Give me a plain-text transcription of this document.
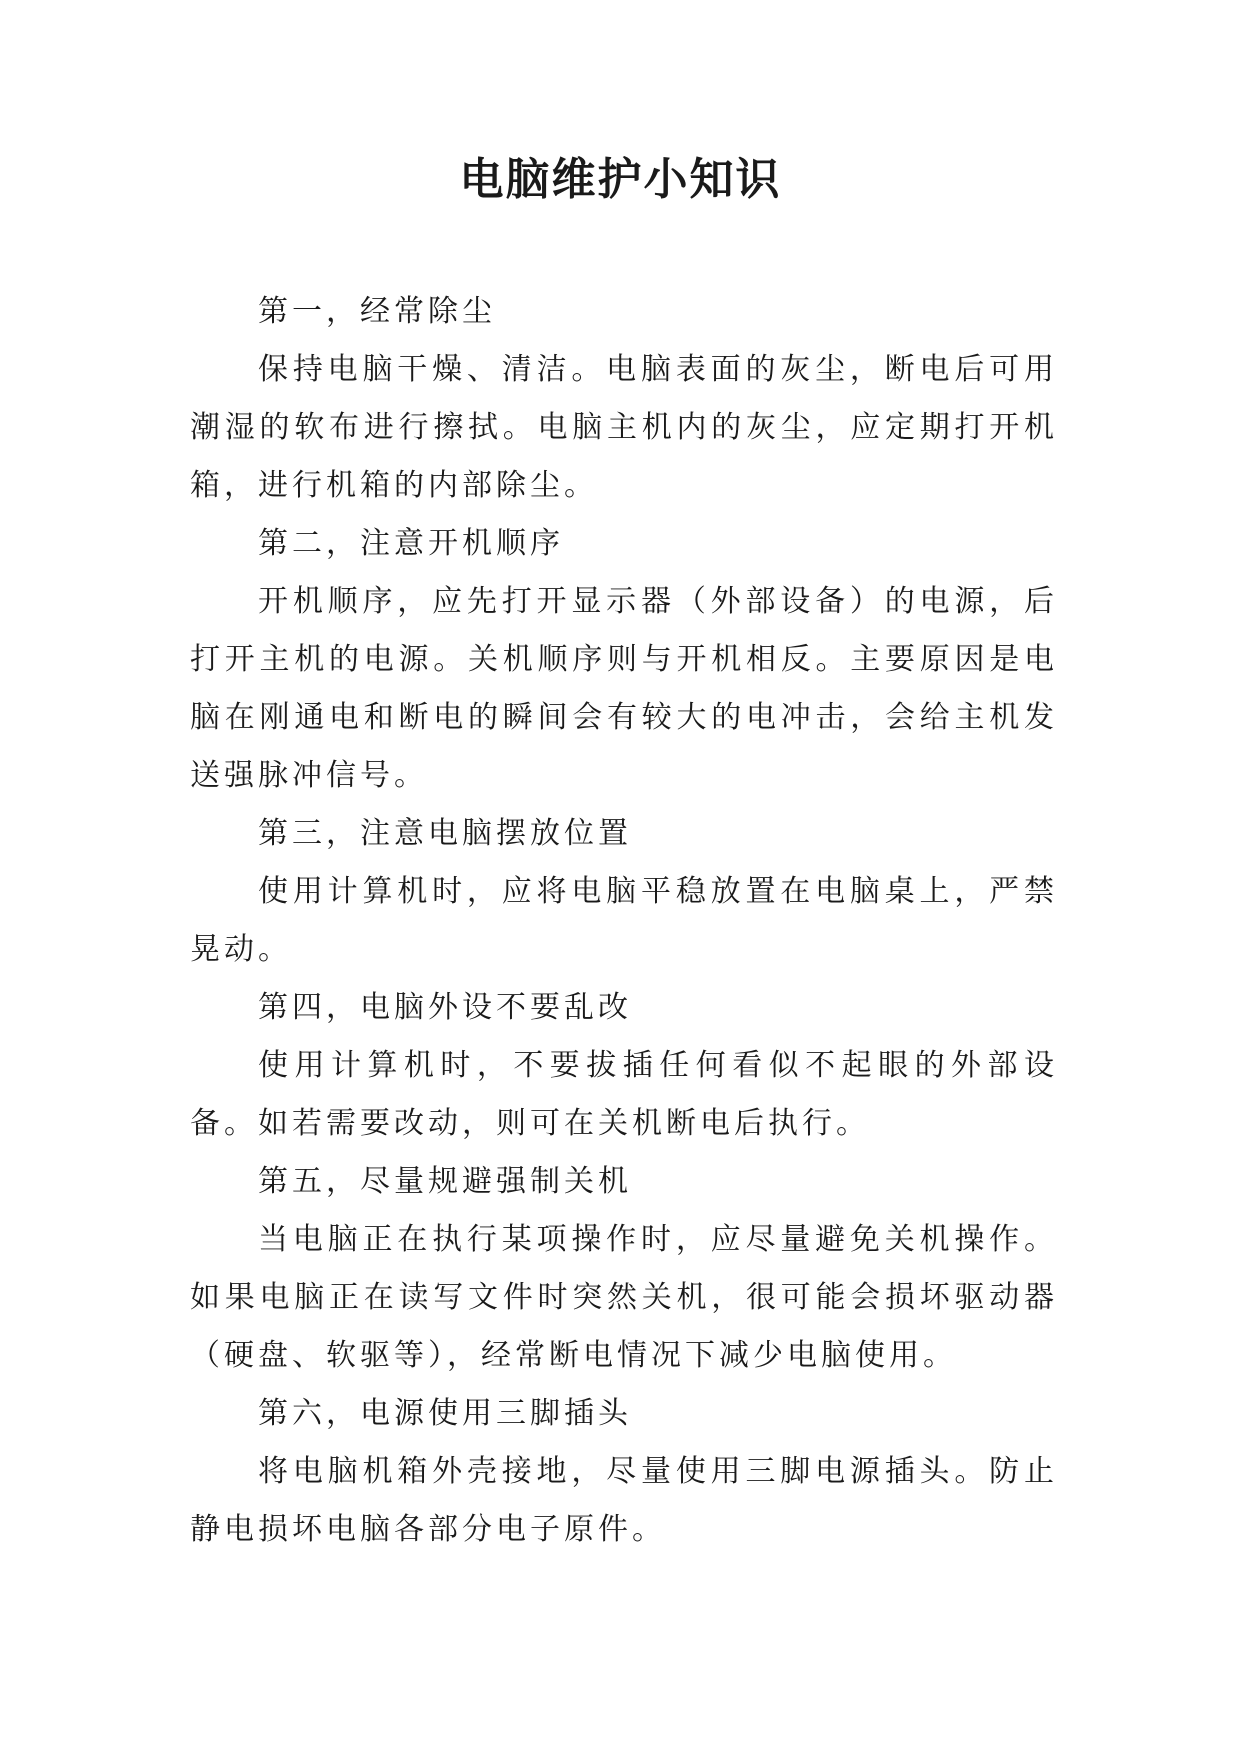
电脑维护小知识

第一，经常除尘

保持电脑干燥、清洁。电脑表面的灰尘，断电后可用潮湿的软布进行擦拭。电脑主机内的灰尘，应定期打开机箱，进行机箱的内部除尘。

第二，注意开机顺序

开机顺序，应先打开显示器（外部设备）的电源，后打开主机的电源。关机顺序则与开机相反。主要原因是电脑在刚通电和断电的瞬间会有较大的电冲击，会给主机发送强脉冲信号。

第三，注意电脑摆放位置

使用计算机时，应将电脑平稳放置在电脑桌上，严禁晃动。

第四，电脑外设不要乱改

使用计算机时，不要拔插任何看似不起眼的外部设备。如若需要改动，则可在关机断电后执行。

第五，尽量规避强制关机

当电脑正在执行某项操作时，应尽量避免关机操作。如果电脑正在读写文件时突然关机，很可能会损坏驱动器（硬盘、软驱等），经常断电情况下减少电脑使用。

第六，电源使用三脚插头

将电脑机箱外壳接地，尽量使用三脚电源插头。防止静电损坏电脑各部分电子原件。
